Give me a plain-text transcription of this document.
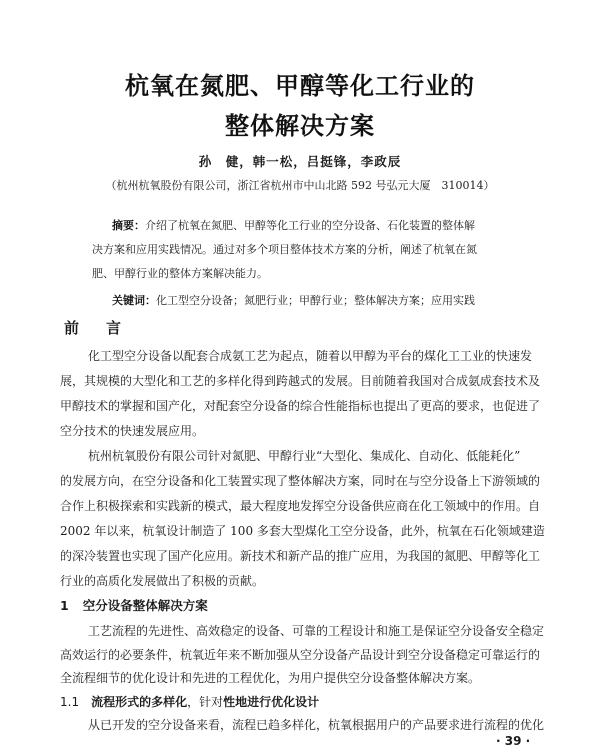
杭氧在氮肥、甲醇等化工行业的
整体解决方案
孙　健，韩一松，吕挺锋，李政辰
（杭州杭氧股份有限公司，浙江省杭州市中山北路 592 号弘元大厦　310014）
摘要：介绍了杭氧在氮肥、甲醇等化工行业的空分设备、石化装置的整体解
决方案和应用实践情况。通过对多个项目整体技术方案的分析，阐述了杭氧在氮
肥、甲醇行业的整体方案解决能力。
关键词：化工型空分设备；氮肥行业；甲醇行业；整体解决方案；应用实践
前　言
化工型空分设备以配套合成氨工艺为起点，随着以甲醇为平台的煤化工工业的快速发
展，其规模的大型化和工艺的多样化得到跨越式的发展。目前随着我国对合成氨成套技术及
甲醇技术的掌握和国产化，对配套空分设备的综合性能指标也提出了更高的要求，也促进了
空分技术的快速发展应用。
杭州杭氧股份有限公司针对氮肥、甲醇行业“大型化、集成化、自动化、低能耗化”
的发展方向，在空分设备和化工装置实现了整体解决方案，同时在与空分设备上下游领域的
合作上积极探索和实践新的模式，最大程度地发挥空分设备供应商在化工领域中的作用。自
2002 年以来，杭氧设计制造了 100 多套大型煤化工空分设备，此外，杭氧在石化领域建造
的深冷装置也实现了国产化应用。新技术和新产品的推广应用，为我国的氮肥、甲醇等化工
行业的高质化发展做出了积极的贡献。
1 空分设备整体解决方案
工艺流程的先进性、高效稳定的设备、可靠的工程设计和施工是保证空分设备安全稳定
高效运行的必要条件，杭氧近年来不断加强从空分设备产品设计到空分设备稳定可靠运行的
全流程细节的优化设计和先进的工程优化，为用户提供空分设备整体解决方案。
1.1 流程形式的多样化，针对性地进行优化设计
从已开发的空分设备来看，流程已趋多样化，杭氧根据用户的产品要求进行流程的优化
· 39 ·
